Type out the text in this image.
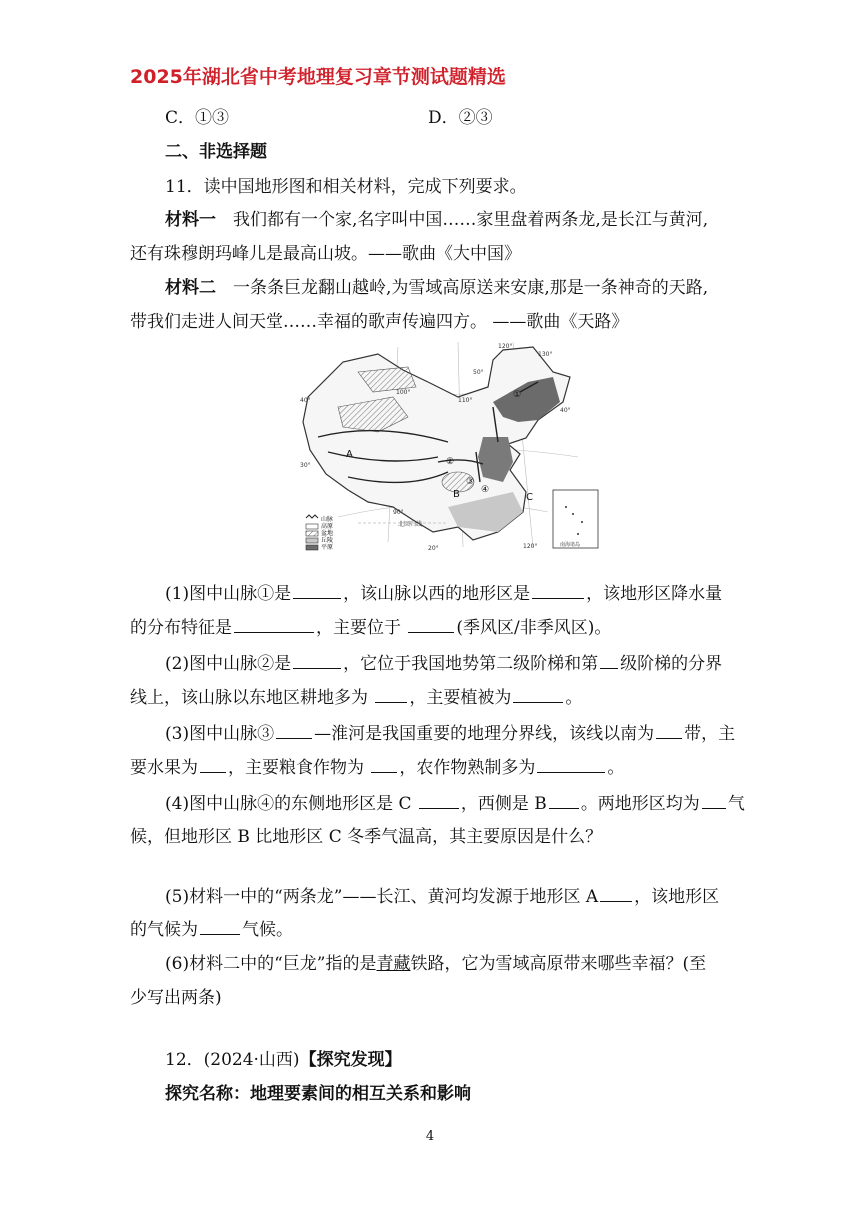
2025年湖北省中考地理复习章节测试题精选
C．①③	D．②③
二、非选择题
11．读中国地形图和相关材料，完成下列要求。
材料一　我们都有一个家,名字叫中国……家里盘着两条龙,是长江与黄河,
还有珠穆朗玛峰儿是最高山坡。——歌曲《大中国》
材料二　一条条巨龙翻山越岭,为雪域高原送来安康,那是一条神奇的天路,
带我们走进人间天堂……幸福的歌声传遍四方。 ——歌曲《天路》
山脉
高原
盆地
丘陵
平原
40°
50°
100°
110°
120°
130°
40°
30°
20°	120°
90°
①
②
③
④
A
B	C
北回归线
南海诸岛
(1)图中山脉①是	，该山脉以西的地形区是	，该地形区降水量
的分布特征是	，主要位于	(季风区/非季风区)。
(2)图中山脉②是	，它位于我国地势第二级阶梯和第 级阶梯的分界
线上，该山脉以东地区耕地多为 ，主要植被为	。
(3)图中山脉③ —淮河是我国重要的地理分界线，该线以南为 带，主
要水果为 ，主要粮食作物为 ，农作物熟制多为	。
(4)图中山脉④的东侧地形区是 C	，西侧是 B 。两地形区均为 气
候，但地形区 B 比地形区 C 冬季气温高，其主要原因是什么？
(5)材料一中的“两条龙”——长江、黄河均发源于地形区 A ，该地形区
的气候为	气候。
(6)材料二中的“巨龙”指的是青藏铁路，它为雪域高原带来哪些幸福？(至
少写出两条)
12．(2024·山西)【探究发现】
探究名称：地理要素间的相互关系和影响
4
